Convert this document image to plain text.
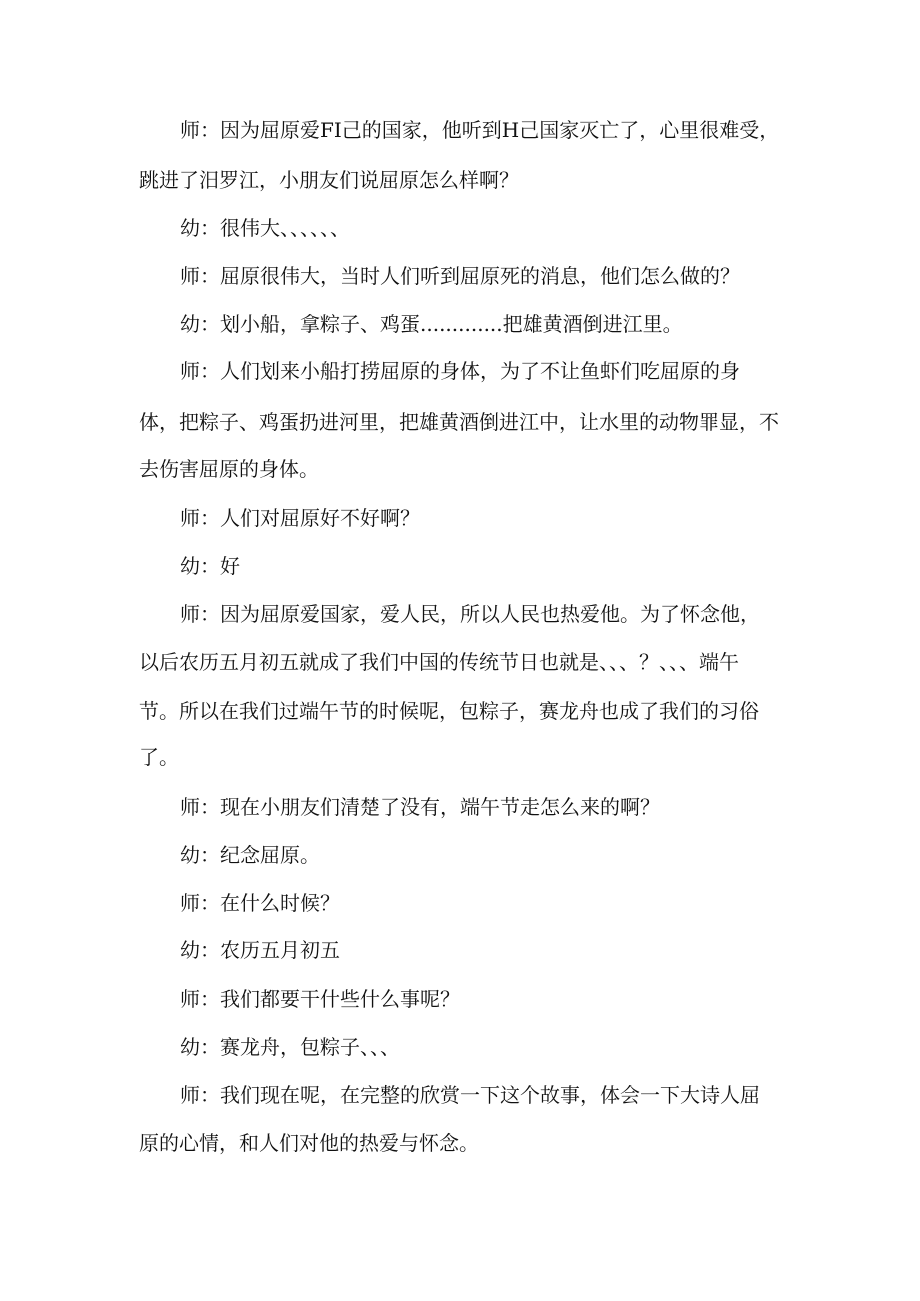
师：因为屈原爱FI己的国家，他听到H己国家灭亡了，心里很难受，
跳进了汨罗江，小朋友们说屈原怎么样啊？
幼：很伟大、、、、、、
师：屈原很伟大，当时人们听到屈原死的消息，他们怎么做的？
幼：划小船，拿粽子、鸡蛋.............把雄黄酒倒进江里。
师：人们划来小船打捞屈原的身体，为了不让鱼虾们吃屈原的身
体，把粽子、鸡蛋扔进河里，把雄黄酒倒进江中，让水里的动物罪显，不
去伤害屈原的身体。
师：人们对屈原好不好啊？
幼：好
师：因为屈原爱国家，爱人民，所以人民也热爱他。为了怀念他，
以后农历五月初五就成了我们中国的传统节日也就是、、、？、、、端午
节。所以在我们过端午节的时候呢，包粽子，赛龙舟也成了我们的习俗
了。
师：现在小朋友们清楚了没有，端午节走怎么来的啊？
幼：纪念屈原。
师：在什么时候？
幼：农历五月初五
师：我们都要干什些什么事呢？
幼：赛龙舟，包粽子、、、
师：我们现在呢，在完整的欣赏一下这个故事，体会一下大诗人屈
原的心情，和人们对他的热爱与怀念。
